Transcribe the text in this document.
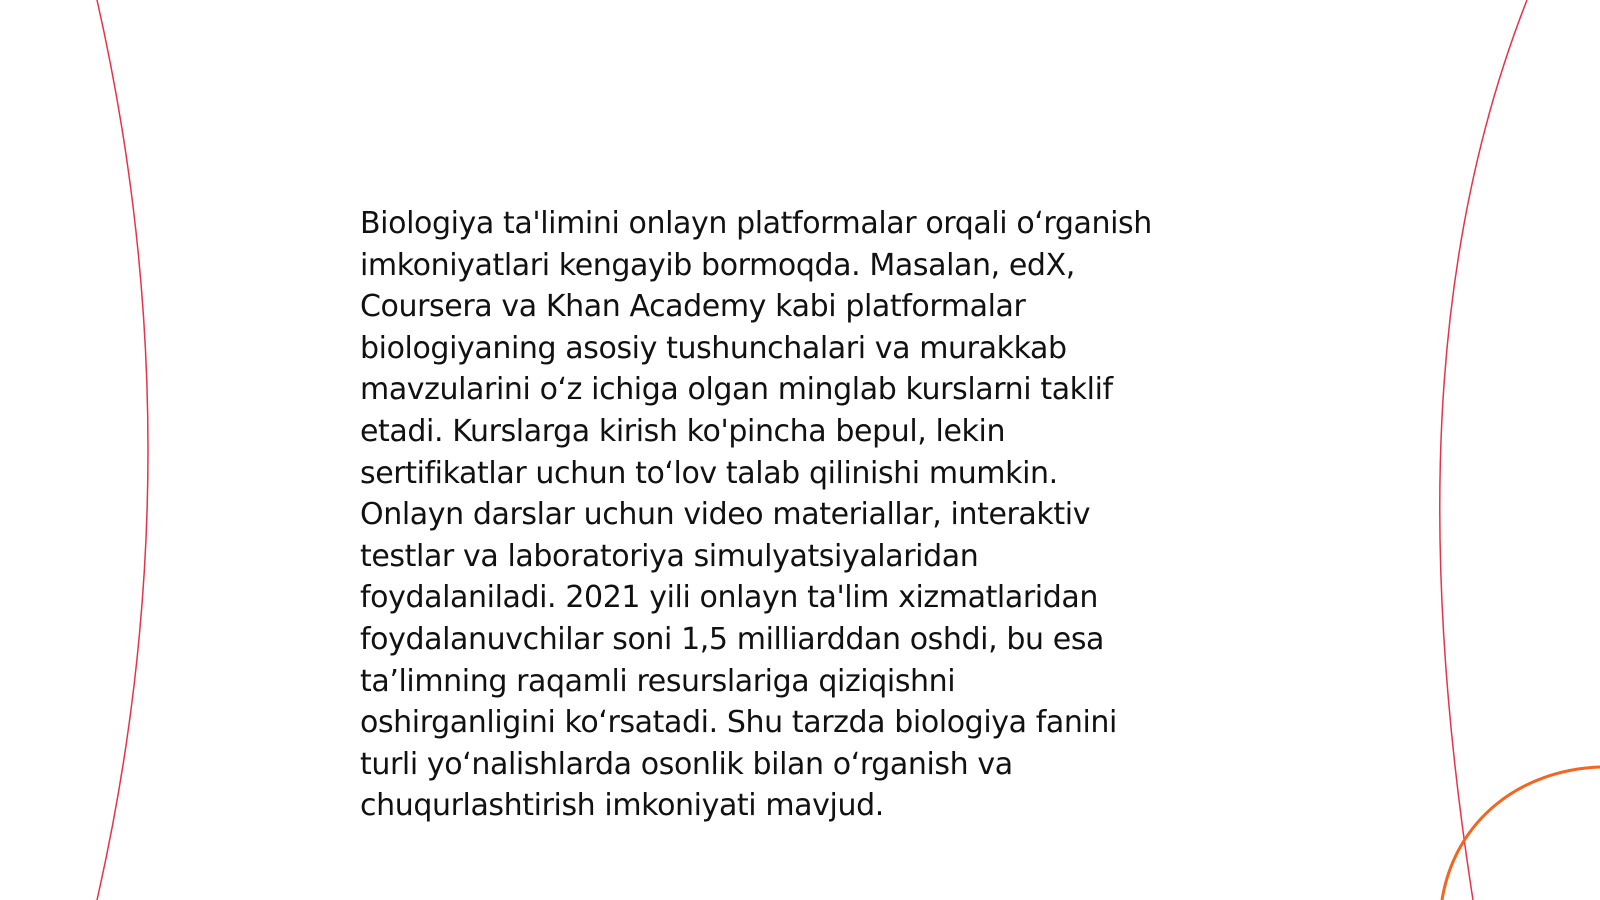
Biologiya ta'limini onlayn platformalar orqali o‘rganish
imkoniyatlari kengayib bormoqda. Masalan, edX,
Coursera va Khan Academy kabi platformalar
biologiyaning asosiy tushunchalari va murakkab
mavzularini o‘z ichiga olgan minglab kurslarni taklif
etadi. Kurslarga kirish ko'pincha bepul, lekin
sertifikatlar uchun to‘lov talab qilinishi mumkin.
Onlayn darslar uchun video materiallar, interaktiv
testlar va laboratoriya simulyatsiyalaridan
foydalaniladi. 2021 yili onlayn ta'lim xizmatlaridan
foydalanuvchilar soni 1,5 milliarddan oshdi, bu esa
ta’limning raqamli resurslariga qiziqishni
oshirganligini ko‘rsatadi. Shu tarzda biologiya fanini
turli yo‘nalishlarda osonlik bilan o‘rganish va
chuqurlashtirish imkoniyati mavjud.
